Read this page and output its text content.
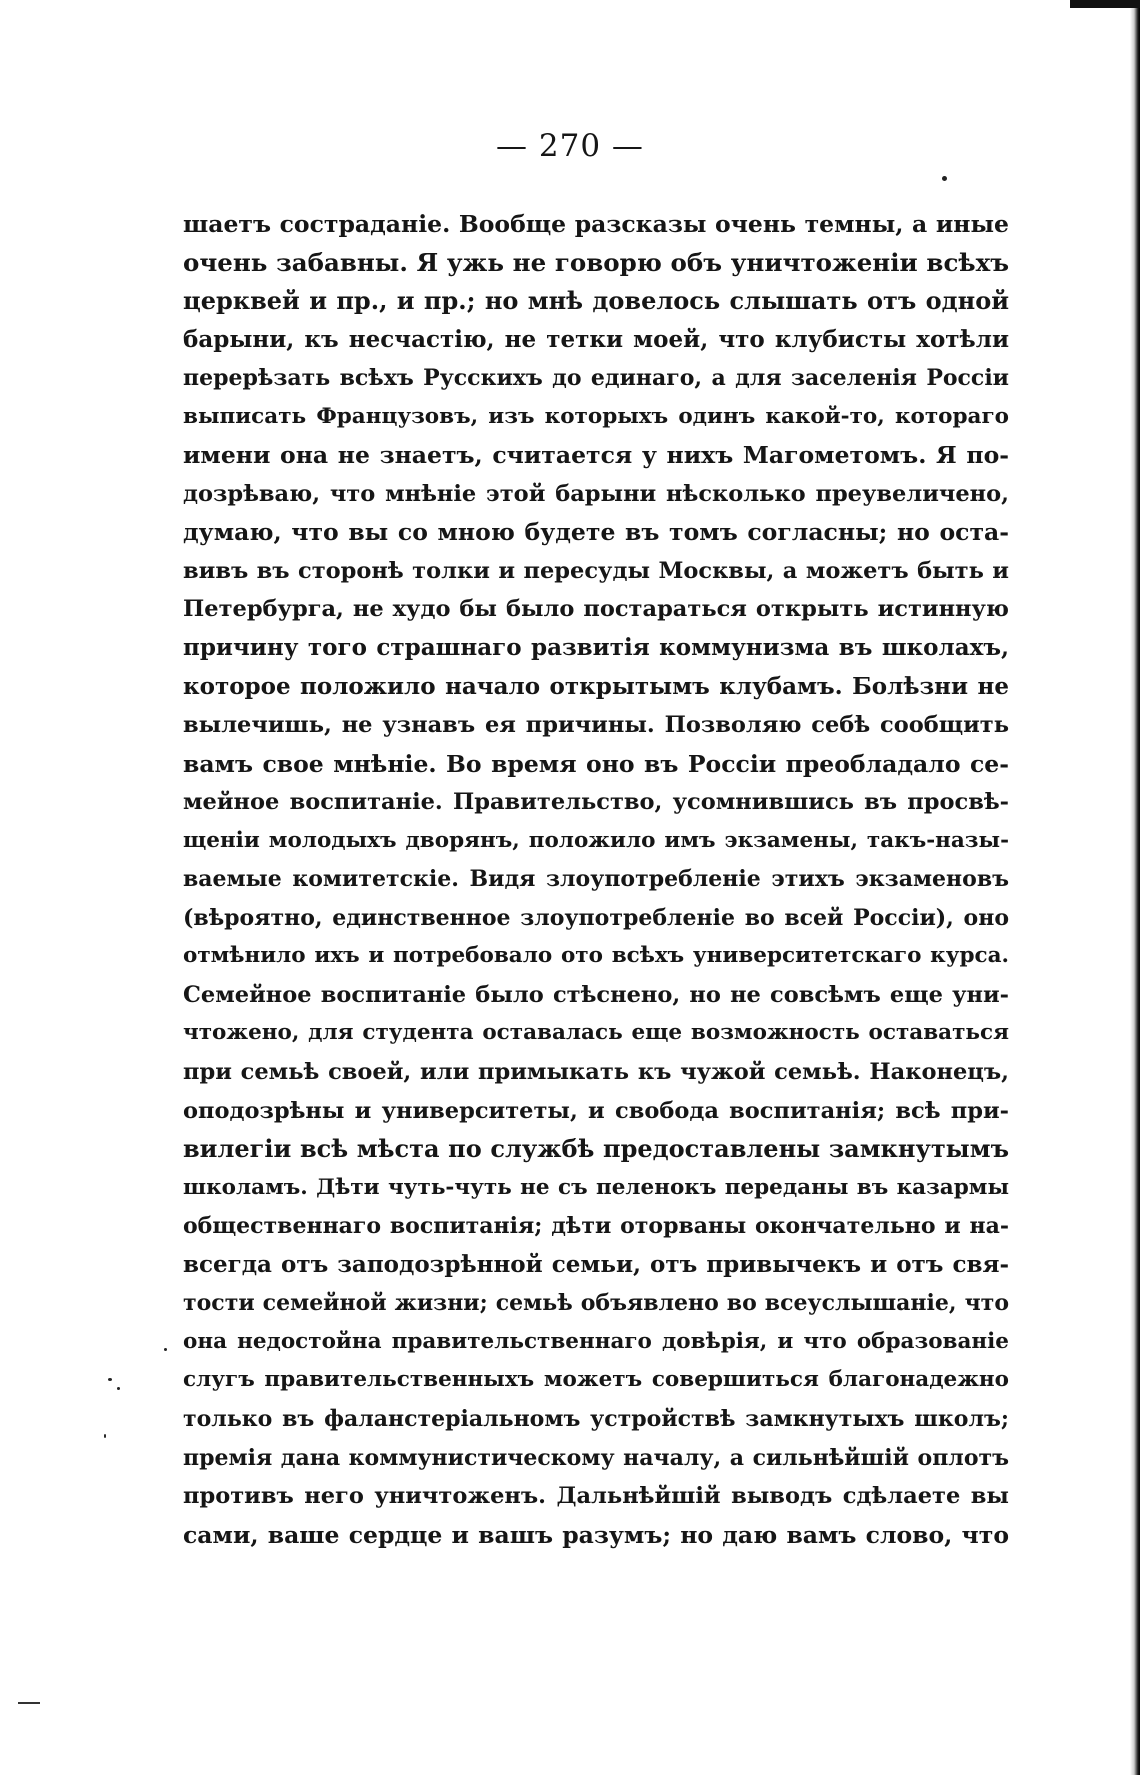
— 270 —
шаетъ состраданіе. Вообще разсказы очень темны, а иные
очень забавны. Я ужь не говорю объ уничтоженіи всѣхъ
церквей и пр., и пр.; но мнѣ довелось слышать отъ одной
барыни, къ несчастію, не тетки моей, что клубисты хотѣли
перерѣзать всѣхъ Русскихъ до единаго, а для заселенія Россіи
выписать Французовъ, изъ которыхъ одинъ какой-то, котораго
имени она не знаетъ, считается у нихъ Магометомъ. Я по-
дозрѣваю, что мнѣніе этой барыни нѣсколько преувеличено,
думаю, что вы со мною будете въ томъ согласны; но оста-
вивъ въ сторонѣ толки и пересуды Москвы, а можетъ быть и
Петербурга, не худо бы было постараться открыть истинную
причину того страшнаго развитія коммунизма въ школахъ,
которое положило начало открытымъ клубамъ. Болѣзни не
вылечишь, не узнавъ ея причины. Позволяю себѣ сообщить
вамъ свое мнѣніе. Во время оно въ Россіи преобладало се-
мейное воспитаніе. Правительство, усомнившись въ просвѣ-
щеніи молодыхъ дворянъ, положило имъ экзамены, такъ-назы-
ваемые комитетскіе. Видя злоупотребленіе этихъ экзаменовъ
(вѣроятно, единственное злоупотребленіе во всей Россіи), оно
отмѣнило ихъ и потребовало ото всѣхъ университетскаго курса.
Семейное воспитаніе было стѣснено, но не совсѣмъ еще уни-
чтожено, для студента оставалась еще возможность оставаться
при семьѣ своей, или примыкать къ чужой семьѣ. Наконецъ,
оподозрѣны и университеты, и свобода воспитанія; всѣ при-
вилегіи всѣ мѣста по службѣ предоставлены замкнутымъ
школамъ. Дѣти чуть-чуть не съ пеленокъ переданы въ казармы
общественнаго воспитанія; дѣти оторваны окончательно и на-
всегда отъ заподозрѣнной семьи, отъ привычекъ и отъ свя-
тости семейной жизни; семьѣ объявлено во всеуслышаніе, что
она недостойна правительственнаго довѣрія, и что образованіе
слугъ правительственныхъ можетъ совершиться благонадежно
только въ фаланстеріальномъ устройствѣ замкнутыхъ школъ;
премія дана коммунистическому началу, а сильнѣйшій оплотъ
противъ него уничтоженъ. Дальнѣйшій выводъ сдѣлаете вы
сами, ваше сердце и вашъ разумъ; но даю вамъ слово, что
